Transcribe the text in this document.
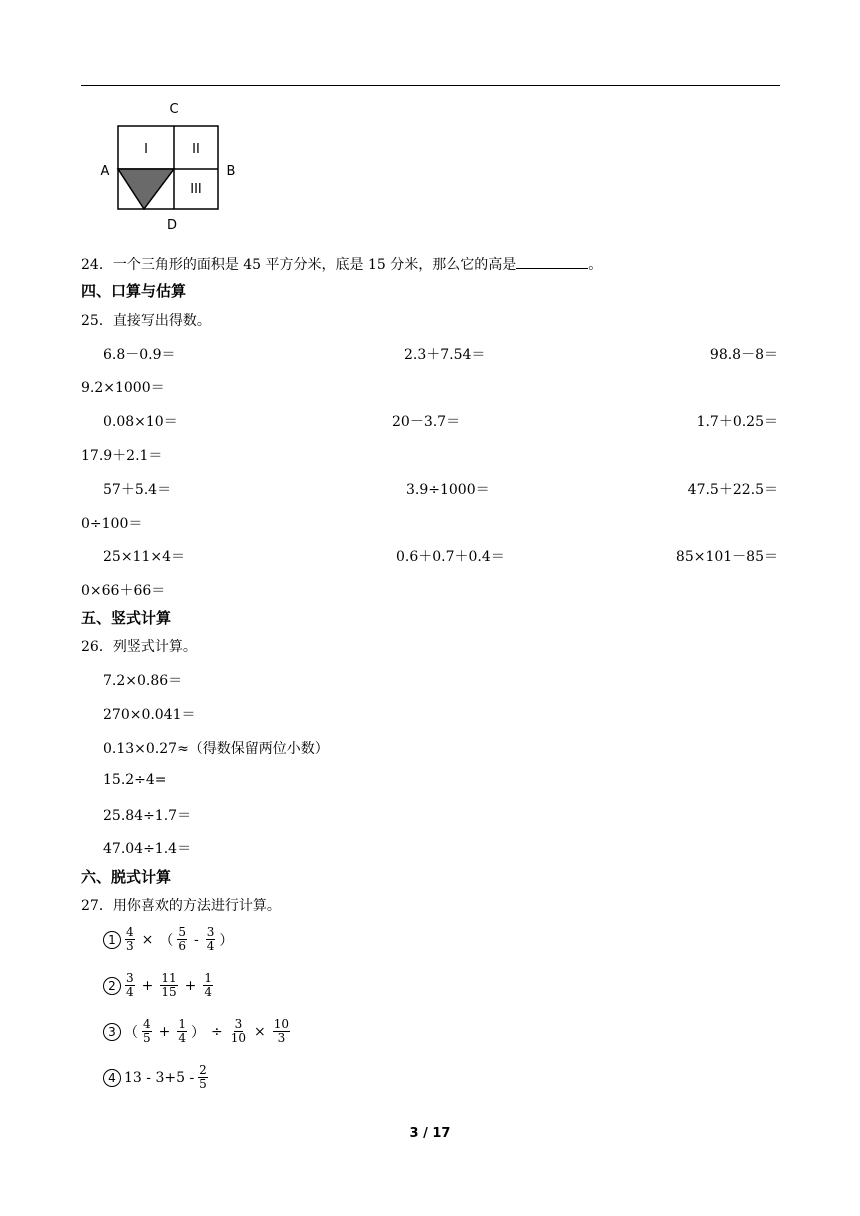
C
A	B
D
I	II
III
24．一个三角形的面积是 45 平方分米，底是 15 分米，那么它的高是	。
四、口算与估算
25．直接写出得数。
6.8－0.9＝	2.3＋7.54＝	98.8－8＝
9.2×1000＝
0.08×10＝	20－3.7＝	1.7＋0.25＝
17.9＋2.1＝
57＋5.4＝	3.9÷1000＝	47.5＋22.5＝
0÷100＝
25×11×4＝	0.6＋0.7＋0.4＝	85×101－85＝
0×66＋66＝
五、竖式计算
26．列竖式计算。
7.2×0.86＝
270×0.041＝
0.13×0.27≈（得数保留两位小数）
15.2÷4=
25.84÷1.7＝
47.04÷1.4＝
六、脱式计算
27．用你喜欢的方法进行计算。
$1 \frac{4}{3}$ × （ $\frac{5}{6} - \frac{3}{4}$ ）
$2 \frac{3}{4} + \frac{11}{15} + \frac{1}{4}$
3 （ $\frac{4}{5} + \frac{1}{4}$ ） ÷ $\frac{3}{10} \times \frac{10}{3}$
4 $13 - 3+5 - \frac{2}{5}$
3 / 17
